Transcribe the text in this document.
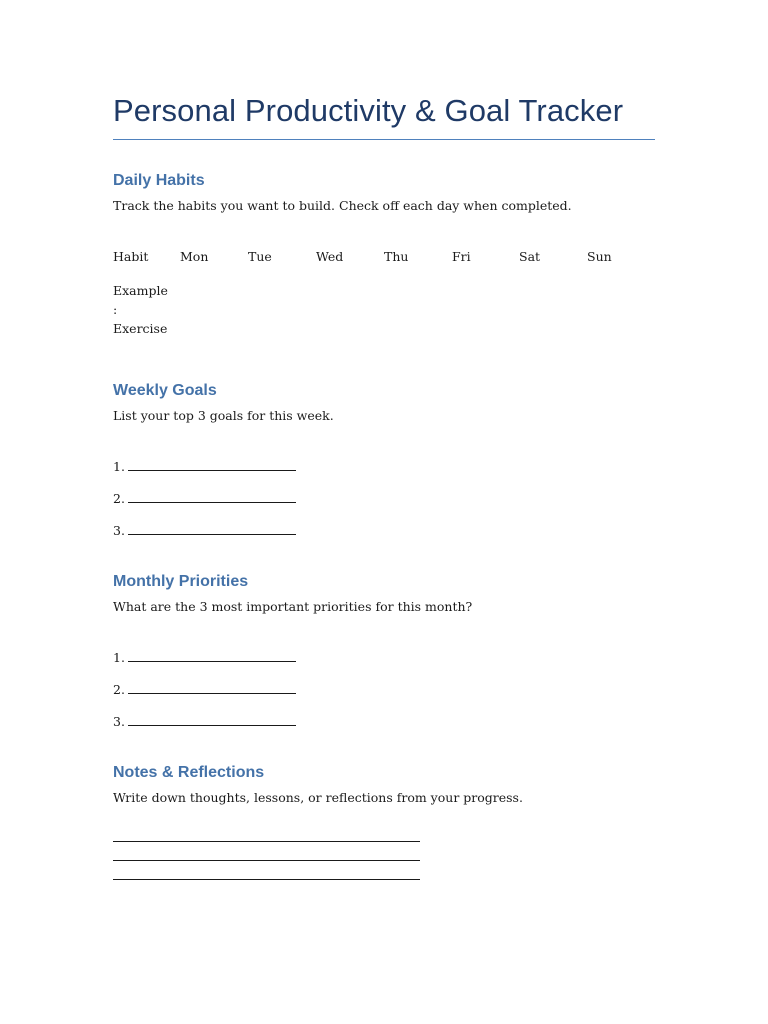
Personal Productivity & Goal Tracker
Daily Habits
Track the habits you want to build. Check off each day when completed.
Habit	Mon	Tue	Wed	Thu	Fri	Sat	Sun
Example
:
Exercise
Weekly Goals
List your top 3 goals for this week.
1.
2.
3.
Monthly Priorities
What are the 3 most important priorities for this month?
1.
2.
3.
Notes & Reflections
Write down thoughts, lessons, or reflections from your progress.
